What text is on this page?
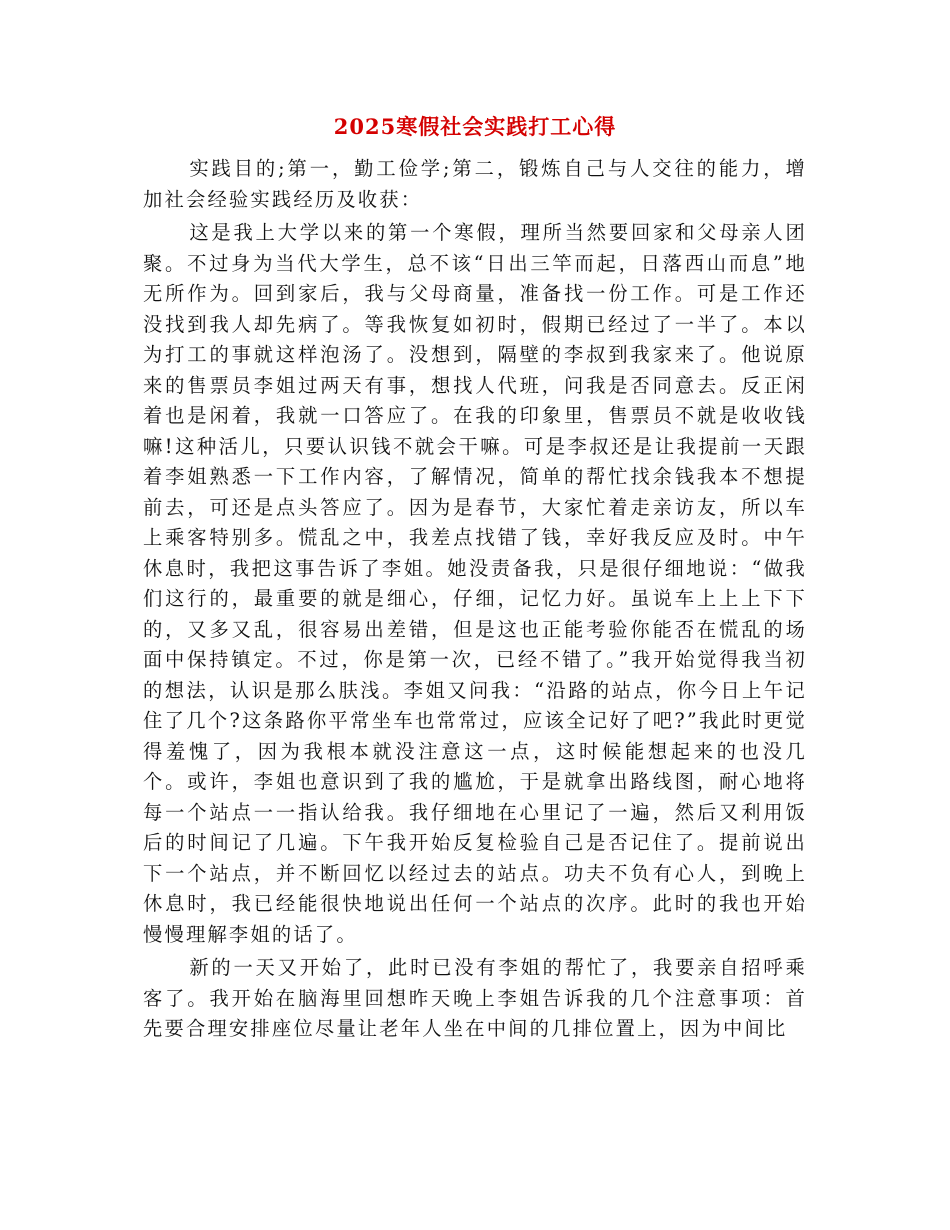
2025寒假社会实践打工心得

实践目的;第一，勤工俭学;第二，锻炼自己与人交往的能力，增加社会经验实践经历及收获：

这是我上大学以来的第一个寒假，理所当然要回家和父母亲人团聚。不过身为当代大学生，总不该“日出三竿而起，日落西山而息”地无所作为。回到家后，我与父母商量，准备找一份工作。可是工作还没找到我人却先病了。等我恢复如初时，假期已经过了一半了。本以为打工的事就这样泡汤了。没想到，隔壁的李叔到我家来了。他说原来的售票员李姐过两天有事，想找人代班，问我是否同意去。反正闲着也是闲着，我就一口答应了。在我的印象里，售票员不就是收收钱嘛!这种活儿，只要认识钱不就会干嘛。可是李叔还是让我提前一天跟着李姐熟悉一下工作内容，了解情况，简单的帮忙找余钱我本不想提前去，可还是点头答应了。因为是春节，大家忙着走亲访友，所以车上乘客特别多。慌乱之中，我差点找错了钱，幸好我反应及时。中午休息时，我把这事告诉了李姐。她没责备我，只是很仔细地说：“做我们这行的，最重要的就是细心，仔细，记忆力好。虽说车上上上下下的，又多又乱，很容易出差错，但是这也正能考验你能否在慌乱的场面中保持镇定。不过，你是第一次，已经不错了。”我开始觉得我当初的想法，认识是那么肤浅。李姐又问我：“沿路的站点，你今日上午记住了几个?这条路你平常坐车也常常过，应该全记好了吧?”我此时更觉得羞愧了，因为我根本就没注意这一点，这时候能想起来的也没几个。或许，李姐也意识到了我的尴尬，于是就拿出路线图，耐心地将每一个站点一一指认给我。我仔细地在心里记了一遍，然后又利用饭后的时间记了几遍。下午我开始反复检验自己是否记住了。提前说出下一个站点，并不断回忆以经过去的站点。功夫不负有心人，到晚上休息时，我已经能很快地说出任何一个站点的次序。此时的我也开始慢慢理解李姐的话了。

新的一天又开始了，此时已没有李姐的帮忙了，我要亲自招呼乘客了。我开始在脑海里回想昨天晚上李姐告诉我的几个注意事项：首先要合理安排座位尽量让老年人坐在中间的几排位置上，因为中间比
